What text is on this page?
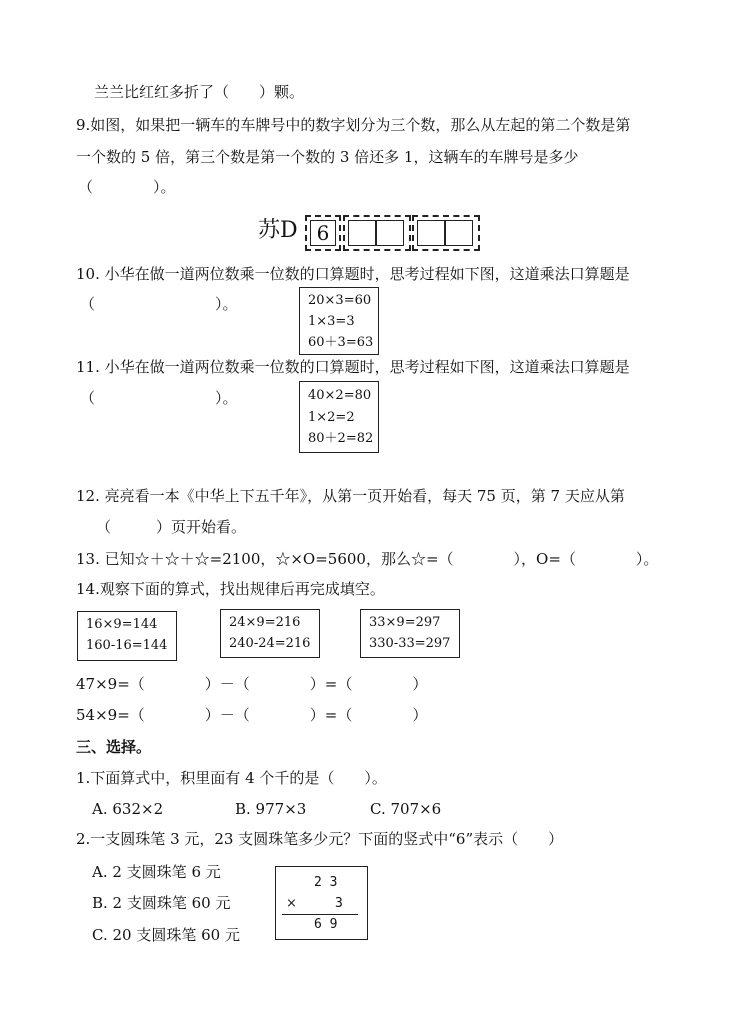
兰兰比红红多折了（　　）颗。
9.如图，如果把一辆车的车牌号中的数字划分为三个数，那么从左起的第二个数是第
一个数的 5 倍，第三个数是第一个数的 3 倍还多 1，这辆车的车牌号是多少
（　　　　）。
苏D 6
10. 小华在做一道两位数乘一位数的口算题时，思考过程如下图，这道乘法口算题是
（　　　　　　　　）。	20×3=60
1×3=3
60＋3=63
11. 小华在做一道两位数乘一位数的口算题时，思考过程如下图，这道乘法口算题是
（　　　　　　　　）。	40×2=80
1×2=2
80＋2=82
12. 亮亮看一本《中华上下五千年》，从第一页开始看，每天 75 页，第 7 天应从第
（　　　）页开始看。
13. 已知☆＋☆＋☆=2100，☆×O=5600，那么☆=（　　　　），O=（　　　　）。
14.观察下面的算式，找出规律后再完成填空。
16×9=144
160-16=144
24×9=216
240-24=216
33×9=297
330-33=297
47×9=（　　　　）－（　　　　）=（　　　　）
54×9=（　　　　）－（　　　　）=（　　　　）
三、选择。
1.下面算式中，积里面有 4 个千的是（　　）。
A. 632×2	B. 977×3	C. 707×6
2.一支圆珠笔 3 元，23 支圆珠笔多少元？下面的竖式中“6”表示（　　）
A. 2 支圆珠笔 6 元
B. 2 支圆珠笔 60 元
C. 20 支圆珠笔 60 元
2 3
×	3
6 9
